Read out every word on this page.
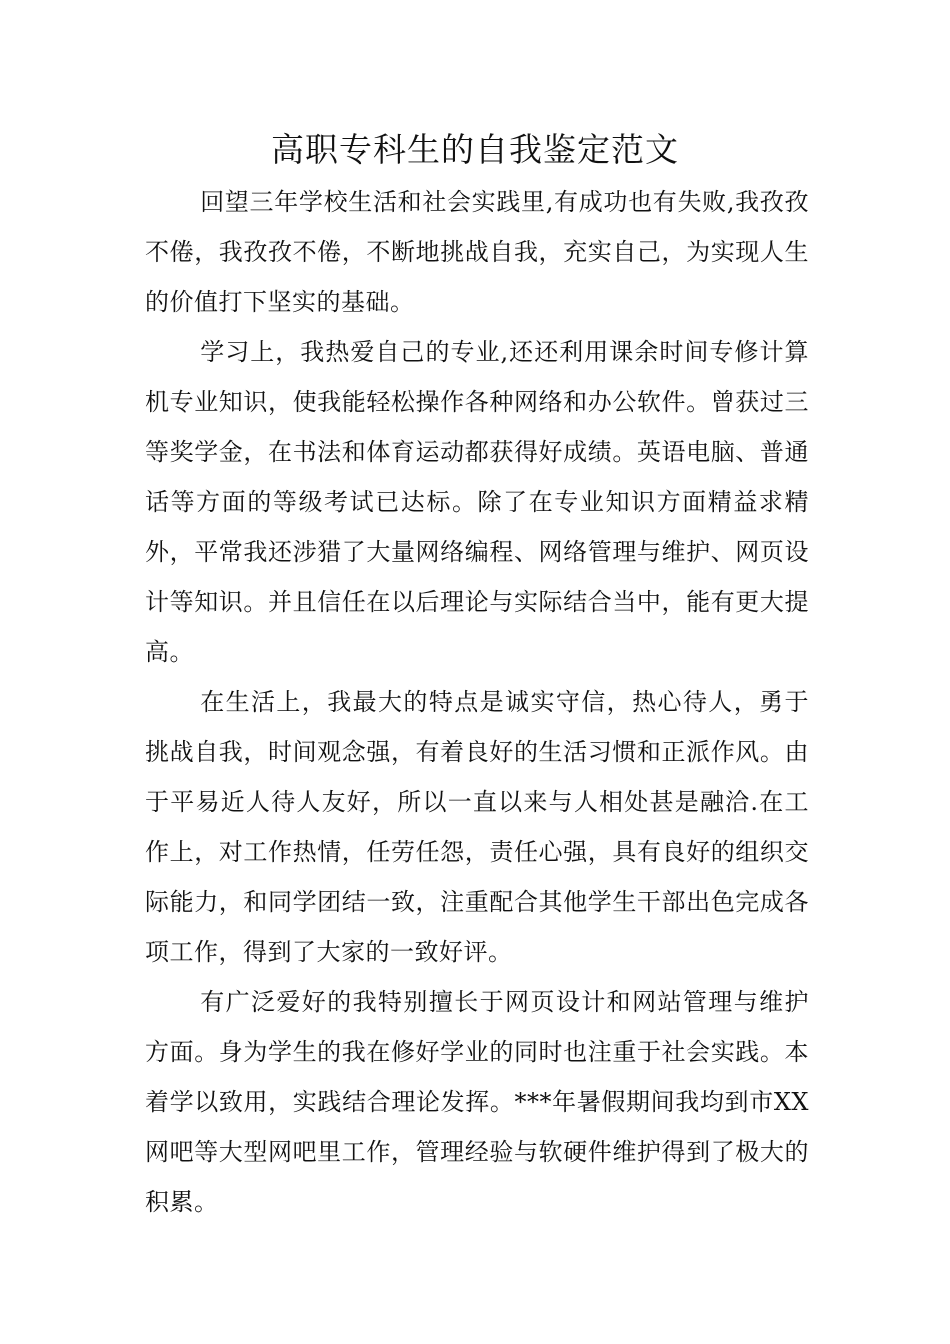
高职专科生的自我鉴定范文

回望三年学校生活和社会实践里,有成功也有失败,我孜孜不倦，我孜孜不倦，不断地挑战自我，充实自己，为实现人生的价值打下坚实的基础。

学习上，我热爱自己的专业,还还利用课余时间专修计算机专业知识，使我能轻松操作各种网络和办公软件。曾获过三等奖学金，在书法和体育运动都获得好成绩。英语电脑、普通话等方面的等级考试已达标。除了在专业知识方面精益求精外，平常我还涉猎了大量网络编程、网络管理与维护、网页设计等知识。并且信任在以后理论与实际结合当中，能有更大提高。

在生活上，我最大的特点是诚实守信，热心待人，勇于挑战自我，时间观念强，有着良好的生活习惯和正派作风。由于平易近人待人友好，所以一直以来与人相处甚是融洽.在工作上，对工作热情，任劳任怨，责任心强，具有良好的组织交际能力，和同学团结一致，注重配合其他学生干部出色完成各项工作，得到了大家的一致好评。

有广泛爱好的我特别擅长于网页设计和网站管理与维护方面。身为学生的我在修好学业的同时也注重于社会实践。本着学以致用，实践结合理论发挥。***年暑假期间我均到市XX网吧等大型网吧里工作，管理经验与软硬件维护得到了极大的积累。
